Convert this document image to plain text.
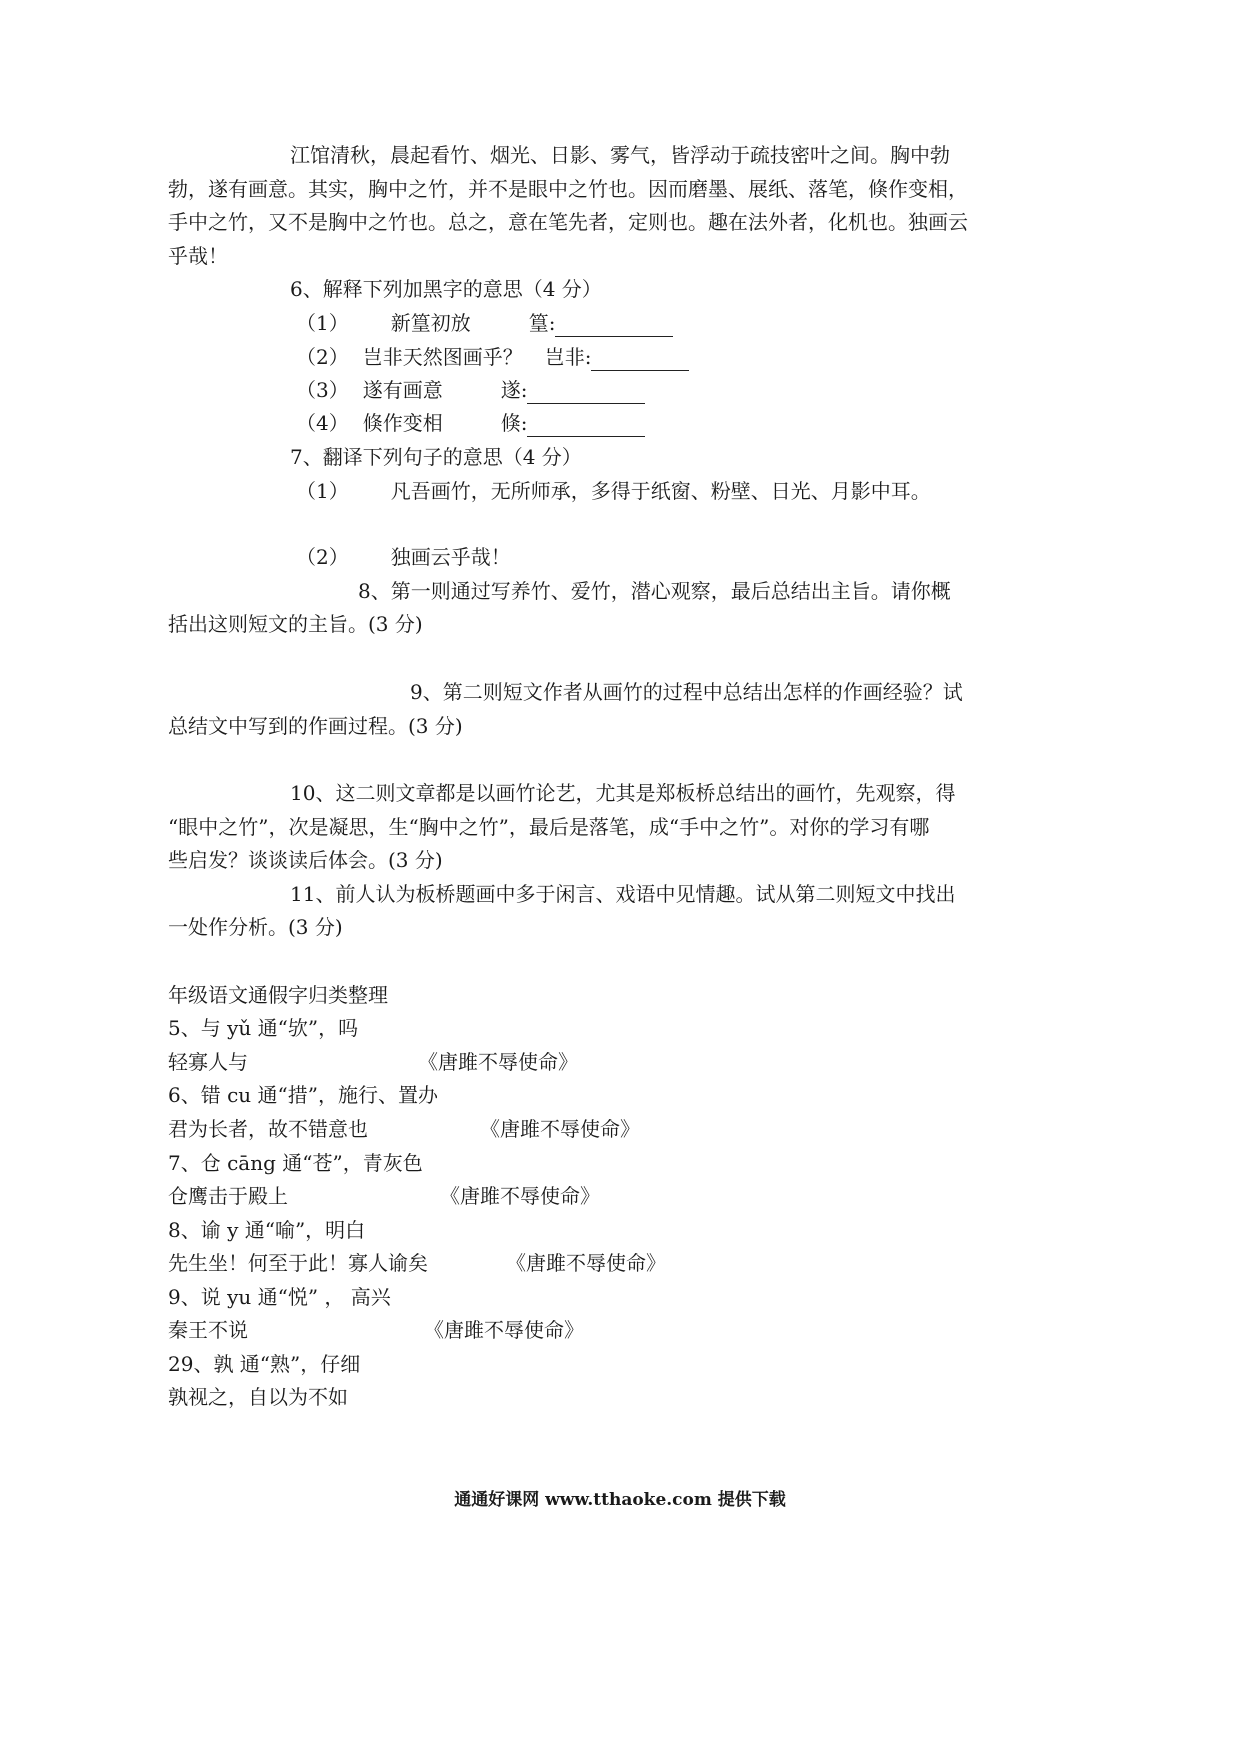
江馆清秋，晨起看竹、烟光、日影、雾气，皆浮动于疏技密叶之间。胸中勃
勃，遂有画意。其实，胸中之竹，并不是眼中之竹也。因而磨墨、展纸、落笔，倏作变相，
手中之竹，又不是胸中之竹也。总之，意在笔先者，定则也。趣在法外者，化机也。独画云
乎哉！
6、解释下列加黑字的意思（4 分）
（1） 新篁初放	篁:
（2） 岂非天然图画乎？ 岂非:
（3） 遂有画意	遂:
（4） 倏作变相	倏:
7、翻译下列句子的意思（4 分）
（1） 凡吾画竹，无所师承，多得于纸窗、粉壁、日光、月影中耳。
（2） 独画云乎哉！
8、第一则通过写养竹、爱竹，潜心观察，最后总结出主旨。请你概
括出这则短文的主旨。(3 分)
9、第二则短文作者从画竹的过程中总结出怎样的作画经验？试
总结文中写到的作画过程。(3 分)
10、这二则文章都是以画竹论艺，尤其是郑板桥总结出的画竹，先观察，得
“眼中之竹”，次是凝思，生“胸中之竹”，最后是落笔，成“手中之竹”。对你的学习有哪
些启发？谈谈读后体会。(3 分)
11、前人认为板桥题画中多于闲言、戏语中见情趣。试从第二则短文中找出
一处作分析。(3 分)
年级语文通假字归类整理
5、与 yǔ 通“欤”，吗
轻寡人与	《唐雎不辱使命》
6、错 cu 通“措”，施行、置办
君为长者，故不错意也	《唐雎不辱使命》
7、仓 cāng 通“苍”，青灰色
仓鹰击于殿上	《唐雎不辱使命》
8、谕 y 通“喻”，明白
先生坐！何至于此！寡人谕矣	《唐雎不辱使命》
9、说 yu 通“悦” ， 高兴
秦王不说	《唐雎不辱使命》
29、孰 通“熟”，仔细
孰视之，自以为不如
通通好课网 www.tthaoke.com 提供下载
